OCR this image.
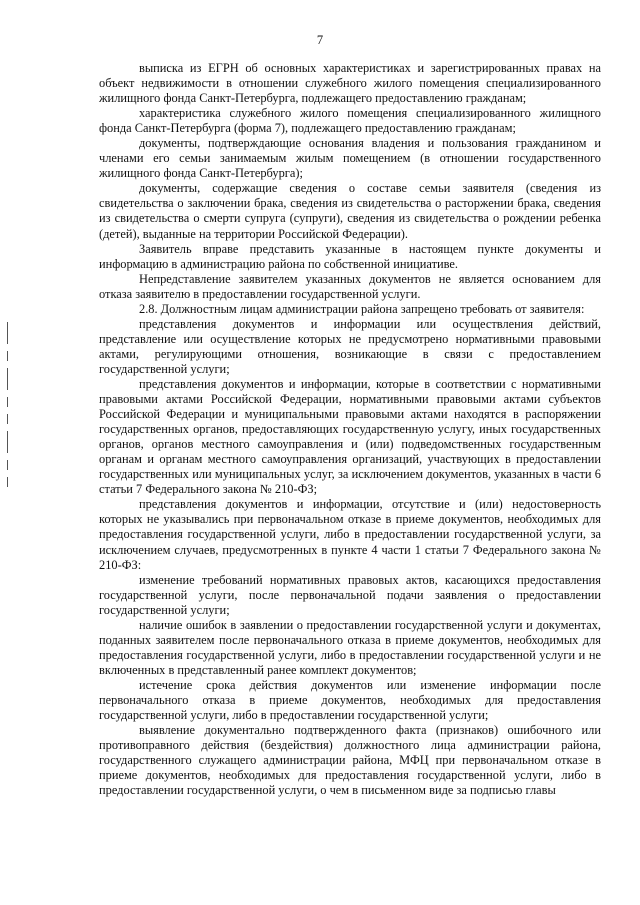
7

выписка из ЕГРН об основных характеристиках и зарегистрированных правах на объект недвижимости в отношении служебного жилого помещения специализированного жилищного фонда Санкт-Петербурга, подлежащего предоставлению гражданам;

характеристика служебного жилого помещения специализированного жилищного фонда Санкт-Петербурга (форма 7), подлежащего предоставлению гражданам;

документы, подтверждающие основания владения и пользования гражданином и членами его семьи занимаемым жилым помещением (в отношении государственного жилищного фонда Санкт-Петербурга);

документы, содержащие сведения о составе семьи заявителя (сведения из свидетельства о заключении брака, сведения из свидетельства о расторжении брака, сведения из свидетельства о смерти супруга (супруги), сведения из свидетельства о рождении ребенка (детей), выданные на территории Российской Федерации).

Заявитель вправе представить указанные в настоящем пункте документы и информацию в администрацию района по собственной инициативе.

Непредставление заявителем указанных документов не является основанием для отказа заявителю в предоставлении государственной услуги.

2.8. Должностным лицам администрации района запрещено требовать от заявителя:

представления документов и информации или осуществления действий, представление или осуществление которых не предусмотрено нормативными правовыми актами, регулирующими отношения, возникающие в связи с предоставлением государственной услуги;

представления документов и информации, которые в соответствии с нормативными правовыми актами Российской Федерации, нормативными правовыми актами субъектов Российской Федерации и муниципальными правовыми актами находятся в распоряжении государственных органов, предоставляющих государственную услугу, иных государственных органов, органов местного самоуправления и (или) подведомственных государственным органам и органам местного самоуправления организаций, участвующих в предоставлении государственных или муниципальных услуг, за исключением документов, указанных в части 6 статьи 7 Федерального закона № 210-ФЗ;

представления документов и информации, отсутствие и (или) недостоверность которых не указывались при первоначальном отказе в приеме документов, необходимых для предоставления государственной услуги, либо в предоставлении государственной услуги, за исключением случаев, предусмотренных в пункте 4 части 1 статьи 7 Федерального закона № 210-ФЗ:

изменение требований нормативных правовых актов, касающихся предоставления государственной услуги, после первоначальной подачи заявления о предоставлении государственной услуги;

наличие ошибок в заявлении о предоставлении государственной услуги и документах, поданных заявителем после первоначального отказа в приеме документов, необходимых для предоставления государственной услуги, либо в предоставлении государственной услуги и не включенных в представленный ранее комплект документов;

истечение срока действия документов или изменение информации после первоначального отказа в приеме документов, необходимых для предоставления государственной услуги, либо в предоставлении государственной услуги;

выявление документально подтвержденного факта (признаков) ошибочного или противоправного действия (бездействия) должностного лица администрации района, государственного служащего администрации района, МФЦ при первоначальном отказе в приеме документов, необходимых для предоставления государственной услуги, либо в предоставлении государственной услуги, о чем в письменном виде за подписью главы
